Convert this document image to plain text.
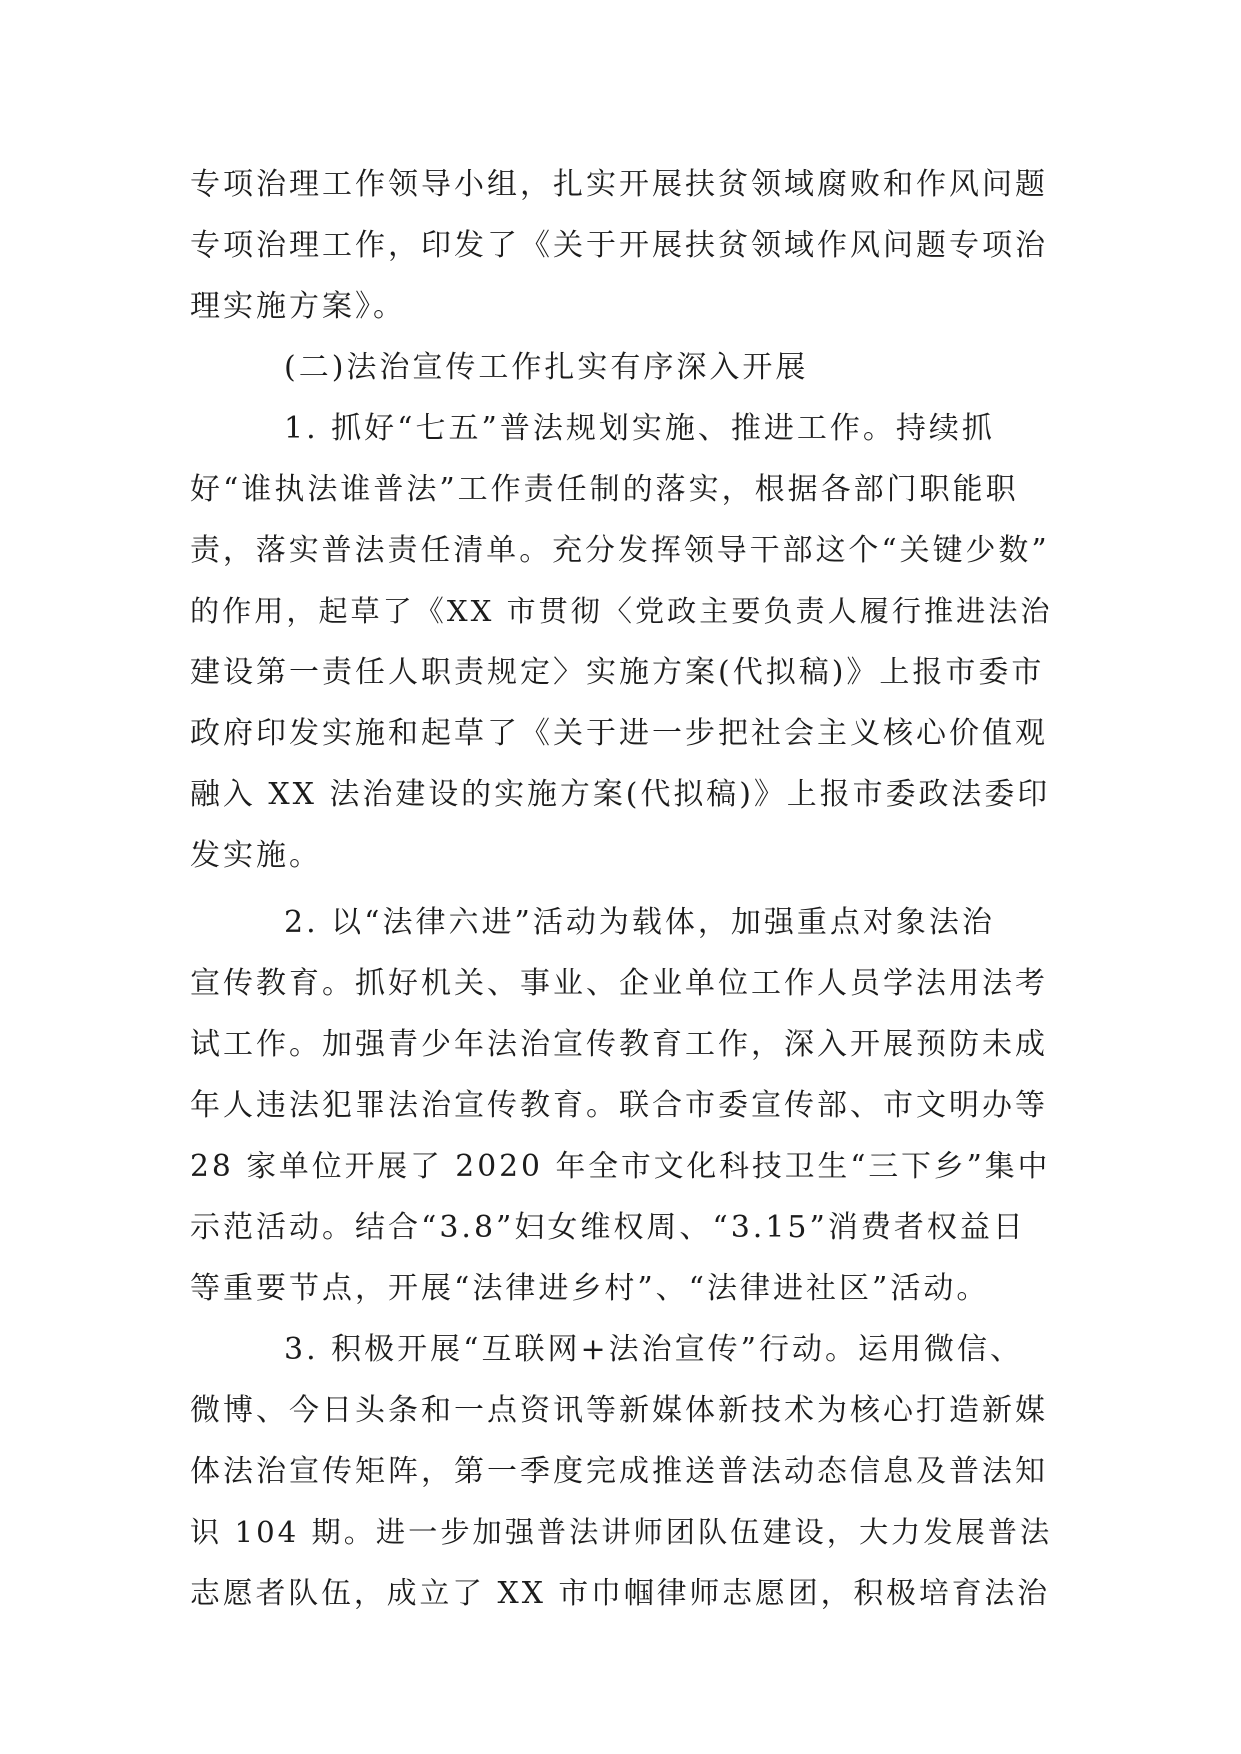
专项治理工作领导小组，扎实开展扶贫领域腐败和作风问题
专项治理工作，印发了《关于开展扶贫领域作风问题专项治
理实施方案》。
(二)法治宣传工作扎实有序深入开展
1. 抓好“七五”普法规划实施、推进工作。持续抓
好“谁执法谁普法”工作责任制的落实，根据各部门职能职
责，落实普法责任清单。充分发挥领导干部这个“关键少数”
的作用，起草了《XX 市贯彻〈党政主要负责人履行推进法治
建设第一责任人职责规定〉实施方案(代拟稿)》上报市委市
政府印发实施和起草了《关于进一步把社会主义核心价值观
融入 XX 法治建设的实施方案(代拟稿)》上报市委政法委印
发实施。
2. 以“法律六进”活动为载体，加强重点对象法治
宣传教育。抓好机关、事业、企业单位工作人员学法用法考
试工作。加强青少年法治宣传教育工作，深入开展预防未成
年人违法犯罪法治宣传教育。联合市委宣传部、市文明办等
28 家单位开展了 2020 年全市文化科技卫生“三下乡”集中
示范活动。结合“3.8”妇女维权周、“3.15”消费者权益日
等重要节点，开展“法律进乡村”、“法律进社区”活动。
3. 积极开展“互联网+法治宣传”行动。运用微信、
微博、今日头条和一点资讯等新媒体新技术为核心打造新媒
体法治宣传矩阵，第一季度完成推送普法动态信息及普法知
识 104 期。进一步加强普法讲师团队伍建设，大力发展普法
志愿者队伍，成立了 XX 市巾帼律师志愿团，积极培育法治
